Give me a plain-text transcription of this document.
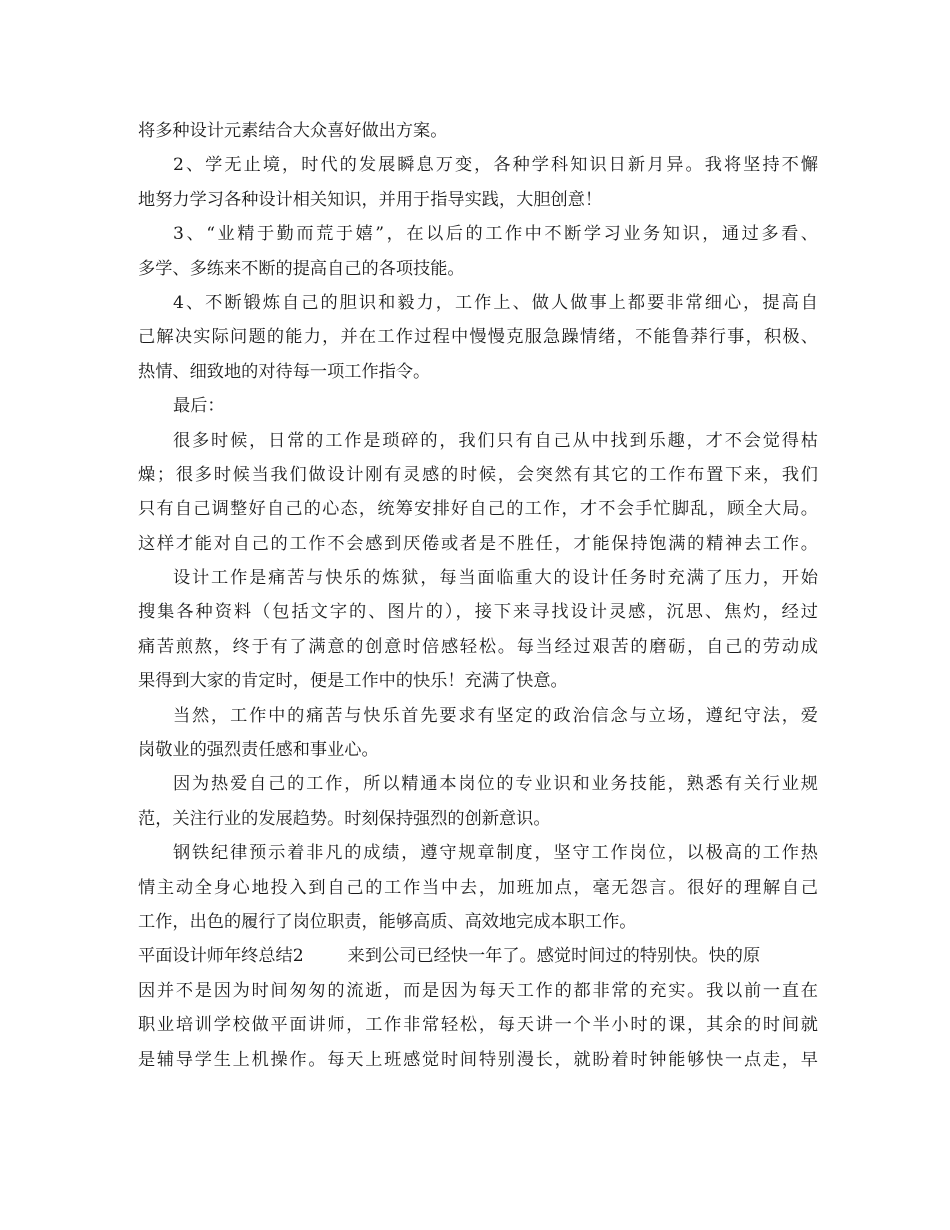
将多种设计元素结合大众喜好做出方案。
2、学无止境，时代的发展瞬息万变，各种学科知识日新月异。我将坚持不懈
地努力学习各种设计相关知识，并用于指导实践，大胆创意！
3、“业精于勤而荒于嬉”，在以后的工作中不断学习业务知识，通过多看、
多学、多练来不断的提高自己的各项技能。
4、不断锻炼自己的胆识和毅力，工作上、做人做事上都要非常细心，提高自
己解决实际问题的能力，并在工作过程中慢慢克服急躁情绪，不能鲁莽行事，积极、
热情、细致地的对待每一项工作指令。
最后：
很多时候，日常的工作是琐碎的，我们只有自己从中找到乐趣，才不会觉得枯
燥；很多时候当我们做设计刚有灵感的时候，会突然有其它的工作布置下来，我们
只有自己调整好自己的心态，统筹安排好自己的工作，才不会手忙脚乱，顾全大局。
这样才能对自己的工作不会感到厌倦或者是不胜任，才能保持饱满的精神去工作。
设计工作是痛苦与快乐的炼狱，每当面临重大的设计任务时充满了压力，开始
搜集各种资料（包括文字的、图片的），接下来寻找设计灵感，沉思、焦灼，经过
痛苦煎熬，终于有了满意的创意时倍感轻松。每当经过艰苦的磨砺，自己的劳动成
果得到大家的肯定时，便是工作中的快乐！充满了快意。
当然，工作中的痛苦与快乐首先要求有坚定的政治信念与立场，遵纪守法，爱
岗敬业的强烈责任感和事业心。
因为热爱自己的工作，所以精通本岗位的专业识和业务技能，熟悉有关行业规
范，关注行业的发展趋势。时刻保持强烈的创新意识。
钢铁纪律预示着非凡的成绩，遵守规章制度，坚守工作岗位，以极高的工作热
情主动全身心地投入到自己的工作当中去，加班加点，毫无怨言。很好的理解自己
工作，出色的履行了岗位职责，能够高质、高效地完成本职工作。
平面设计师年终总结2	来到公司已经快一年了。感觉时间过的特别快。快的原
因并不是因为时间匆匆的流逝，而是因为每天工作的都非常的充实。我以前一直在
职业培训学校做平面讲师，工作非常轻松，每天讲一个半小时的课，其余的时间就
是辅导学生上机操作。每天上班感觉时间特别漫长，就盼着时钟能够快一点走，早
